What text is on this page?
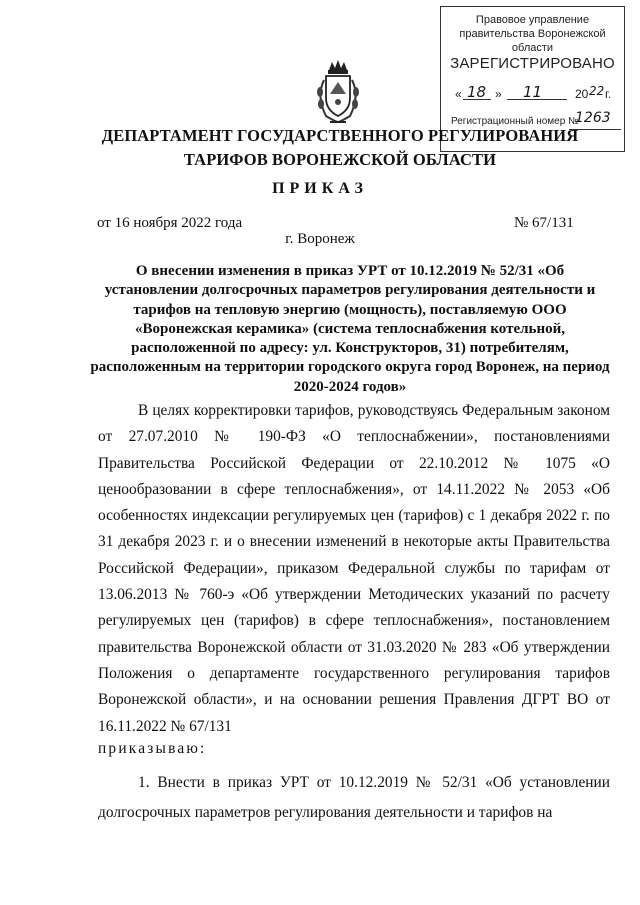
Правовое управление правительства Воронежской области
ЗАРЕГИСТРИРОВАНО
« 18 » 11	20 22 г.
Регистрационный номер №
1263
ДЕПАРТАМЕНТ ГОСУДАРСТВЕННОГО РЕГУЛИРОВАНИЯ ТАРИФОВ ВОРОНЕЖСКОЙ ОБЛАСТИ
ПРИКАЗ
от 16 ноября 2022 года	№ 67/131
г. Воронеж
О внесении изменения в приказ УРТ от 10.12.2019 № 52/31 «Об установлении долгосрочных параметров регулирования деятельности и тарифов на тепловую энергию (мощность), поставляемую ООО «Воронежская керамика» (система теплоснабжения котельной, расположенной по адресу: ул. Конструкторов, 31) потребителям, расположенным на территории городского округа город Воронеж, на период 2020-2024 годов»
В целях корректировки тарифов, руководствуясь Федеральным законом от 27.07.2010 № 190-ФЗ «О теплоснабжении», постановлениями Правительства Российской Федерации от 22.10.2012 № 1075 «О ценообразовании в сфере теплоснабжения», от 14.11.2022 № 2053 «Об особенностях индексации регулируемых цен (тарифов) с 1 декабря 2022 г. по 31 декабря 2023 г. и о внесении изменений в некоторые акты Правительства Российской Федерации», приказом Федеральной службы по тарифам от 13.06.2013 № 760-э «Об утверждении Методических указаний по расчету регулируемых цен (тарифов) в сфере теплоснабжения», постановлением правительства Воронежской области от 31.03.2020 № 283 «Об утверждении Положения о департаменте государственного регулирования тарифов Воронежской области», и на основании решения Правления ДГРТ ВО от 16.11.2022 № 67/131
приказываю:
1. Внести в приказ УРТ от 10.12.2019 № 52/31 «Об установлении долгосрочных параметров регулирования деятельности и тарифов на
